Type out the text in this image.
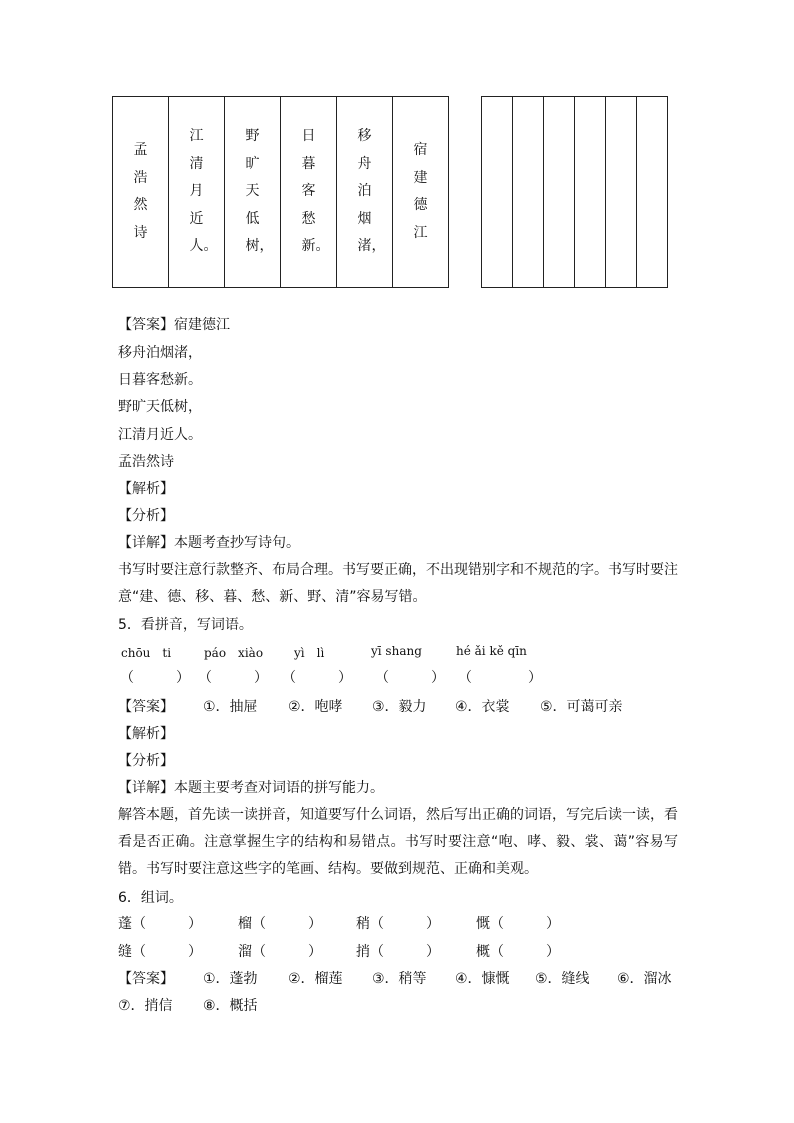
孟浩然诗	江清月近人。	野旷天低树，	日暮客愁新。	移舟泊烟渚，	宿建德江

【答案】宿建德江
移舟泊烟渚，
日暮客愁新。
野旷天低树，
江清月近人。
孟浩然诗
【解析】
【分析】
【详解】本题考查抄写诗句。
书写时要注意行款整齐、布局合理。书写要正确，不出现错别字和不规范的字。书写时要注意“建、德、移、暮、愁、新、野、清”容易写错。
5．看拼音，写词语。
chōu　ti	páo　xiào	yì　lì	yī shang	hé ǎi kě qīn
（　　　） （　　　） （　　　） （　　　） （　　　　）
【答案】 ①．抽屉 ②．咆哮 ③．毅力 ④．衣裳 ⑤．可蔼可亲
【解析】
【分析】
【详解】本题主要考查对词语的拼写能力。
解答本题，首先读一读拼音，知道要写什么词语，然后写出正确的词语，写完后读一读，看看是否正确。注意掌握生字的结构和易错点。书写时要注意“咆、哮、毅、裳、蔼”容易写错。书写时要注意这些字的笔画、结构。要做到规范、正确和美观。
6．组词。
蓬（　　　）	榴（　　　） 稍（　　　）	慨（　　　）
缝（　　　）	溜（　　　） 捎（　　　）	概（　　　）
【答案】 ①．蓬勃 ②．榴莲 ③．稍等 ④．慷慨 ⑤．缝线 ⑥．溜冰
⑦．捎信 ⑧．概括
